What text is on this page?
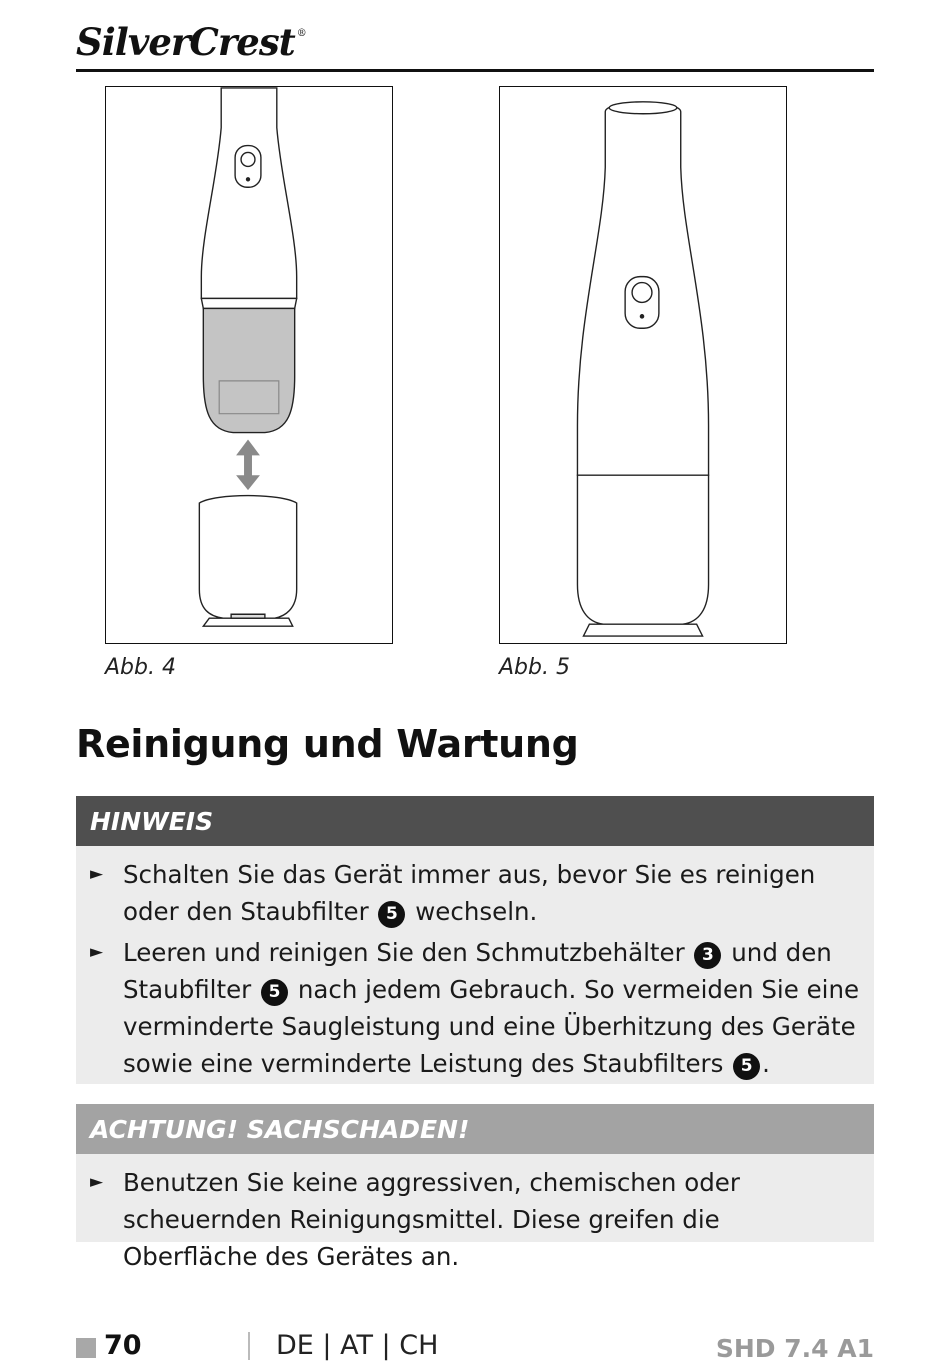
SilverCrest ®
Abb. 4	Abb. 5
Reinigung und Wartung
HINWEIS
► Schalten Sie das Gerät immer aus, bevor Sie es reinigen oder den Staubfilter 5 wechseln.
► Leeren und reinigen Sie den Schmutzbehälter 3 und den Staubfilter 5 nach jedem Gebrauch. So vermeiden Sie eine verminderte Saugleistung und eine Überhitzung des Geräte sowie eine verminderte Leistung des Staubfilters 5 .
ACHTUNG! SACHSCHADEN!
► Benutzen Sie keine aggressiven, chemischen oder scheuernden Reinigungsmittel. Diese greifen die Oberfläche des Gerätes an.
70	DE | AT | CH	SHD 7.4 A1
